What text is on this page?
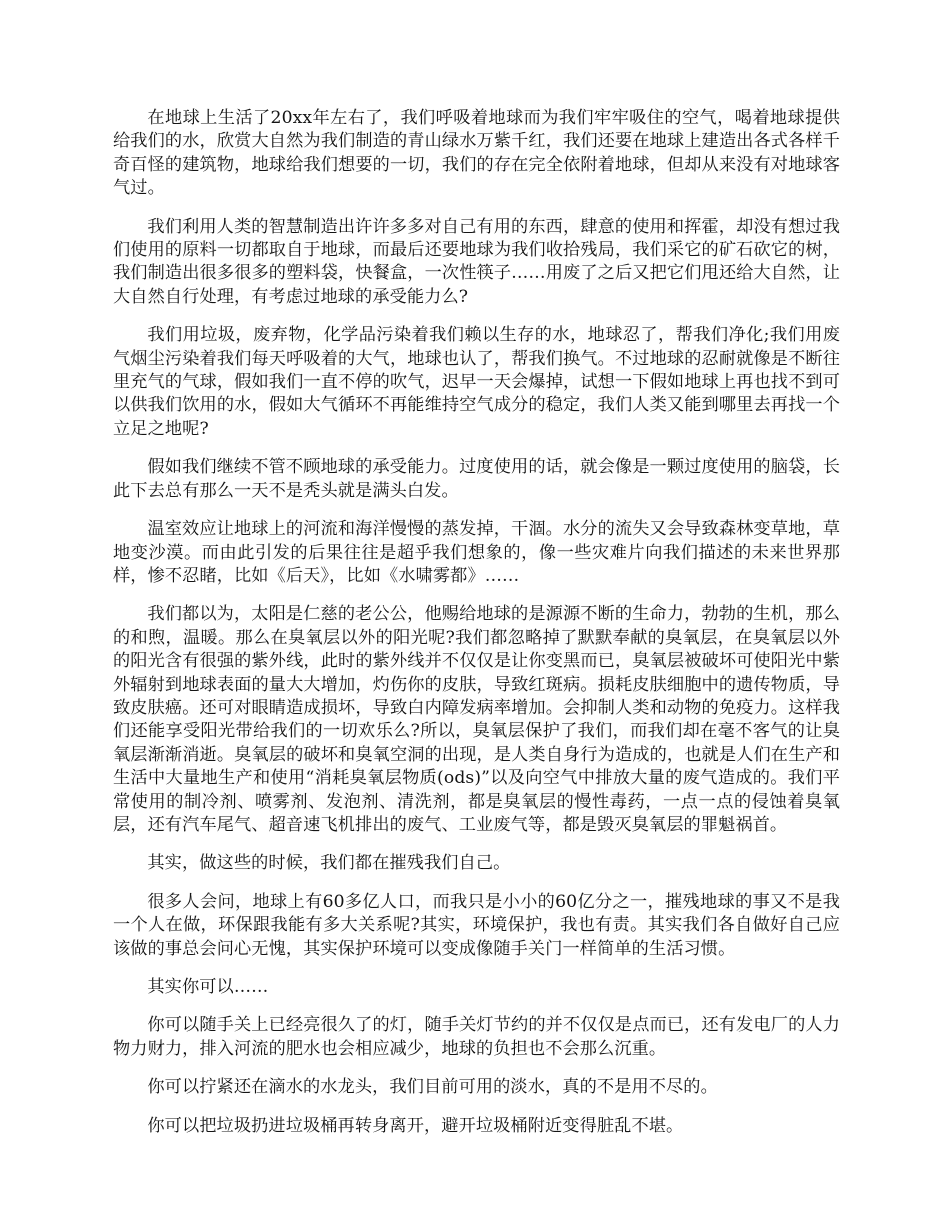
在地球上生活了20xx年左右了，我们呼吸着地球而为我们牢牢吸住的空气，喝着地球提供给我们的水，欣赏大自然为我们制造的青山绿水万紫千红，我们还要在地球上建造出各式各样千奇百怪的建筑物，地球给我们想要的一切，我们的存在完全依附着地球，但却从来没有对地球客气过。

我们利用人类的智慧制造出许许多多对自己有用的东西，肆意的使用和挥霍，却没有想过我们使用的原料一切都取自于地球，而最后还要地球为我们收拾残局，我们采它的矿石砍它的树，我们制造出很多很多的塑料袋，快餐盒，一次性筷子……用废了之后又把它们甩还给大自然，让大自然自行处理，有考虑过地球的承受能力么?

我们用垃圾，废弃物，化学品污染着我们赖以生存的水，地球忍了，帮我们净化;我们用废气烟尘污染着我们每天呼吸着的大气，地球也认了，帮我们换气。不过地球的忍耐就像是不断往里充气的气球，假如我们一直不停的吹气，迟早一天会爆掉，试想一下假如地球上再也找不到可以供我们饮用的水，假如大气循环不再能维持空气成分的稳定，我们人类又能到哪里去再找一个立足之地呢?

假如我们继续不管不顾地球的承受能力。过度使用的话，就会像是一颗过度使用的脑袋，长此下去总有那么一天不是秃头就是满头白发。

温室效应让地球上的河流和海洋慢慢的蒸发掉，干涸。水分的流失又会导致森林变草地，草地变沙漠。而由此引发的后果往往是超乎我们想象的，像一些灾难片向我们描述的未来世界那样，惨不忍睹，比如《后天》，比如《水啸雾都》……

我们都以为，太阳是仁慈的老公公，他赐给地球的是源源不断的生命力，勃勃的生机，那么的和煦，温暖。那么在臭氧层以外的阳光呢?我们都忽略掉了默默奉献的臭氧层，在臭氧层以外的阳光含有很强的紫外线，此时的紫外线并不仅仅是让你变黑而已，臭氧层被破坏可使阳光中紫外辐射到地球表面的量大大增加，灼伤你的皮肤，导致红斑病。损耗皮肤细胞中的遗传物质，导致皮肤癌。还可对眼睛造成损坏，导致白内障发病率增加。会抑制人类和动物的免疫力。这样我们还能享受阳光带给我们的一切欢乐么?所以，臭氧层保护了我们，而我们却在毫不客气的让臭氧层渐渐消逝。臭氧层的破坏和臭氧空洞的出现，是人类自身行为造成的，也就是人们在生产和生活中大量地生产和使用“消耗臭氧层物质(ods)”以及向空气中排放大量的废气造成的。我们平常使用的制冷剂、喷雾剂、发泡剂、清洗剂，都是臭氧层的慢性毒药，一点一点的侵蚀着臭氧层，还有汽车尾气、超音速飞机排出的废气、工业废气等，都是毁灭臭氧层的罪魁祸首。

其实，做这些的时候，我们都在摧残我们自己。

很多人会问，地球上有60多亿人口，而我只是小小的60亿分之一，摧残地球的事又不是我一个人在做，环保跟我能有多大关系呢?其实，环境保护，我也有责。其实我们各自做好自己应该做的事总会问心无愧，其实保护环境可以变成像随手关门一样简单的生活习惯。

其实你可以……

你可以随手关上已经亮很久了的灯，随手关灯节约的并不仅仅是点而已，还有发电厂的人力物力财力，排入河流的肥水也会相应减少，地球的负担也不会那么沉重。

你可以拧紧还在滴水的水龙头，我们目前可用的淡水，真的不是用不尽的。

你可以把垃圾扔进垃圾桶再转身离开，避开垃圾桶附近变得脏乱不堪。
